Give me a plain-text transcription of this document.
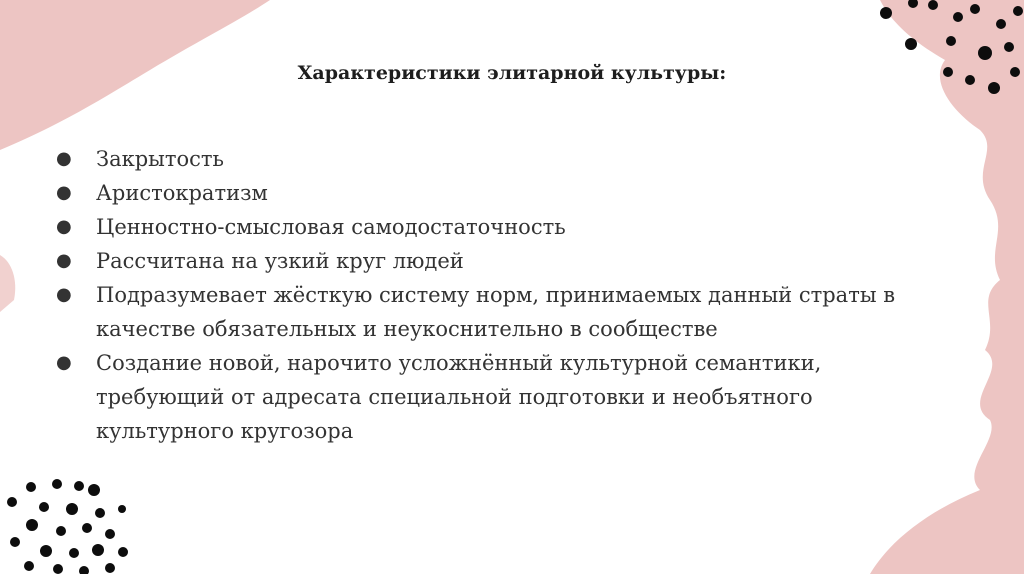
Характеристики элитарной культуры:
● Закрытость
● Аристократизм
● Ценностно-смысловая самодостаточность
● Рассчитана на узкий круг людей
● Подразумевает жёсткую систему норм, принимаемых данный страты в качестве обязательных и неукоснительно в сообществе
● Создание новой, нарочито усложнённый культурной семантики, требующий от адресата специальной подготовки и необъятного культурного кругозора
